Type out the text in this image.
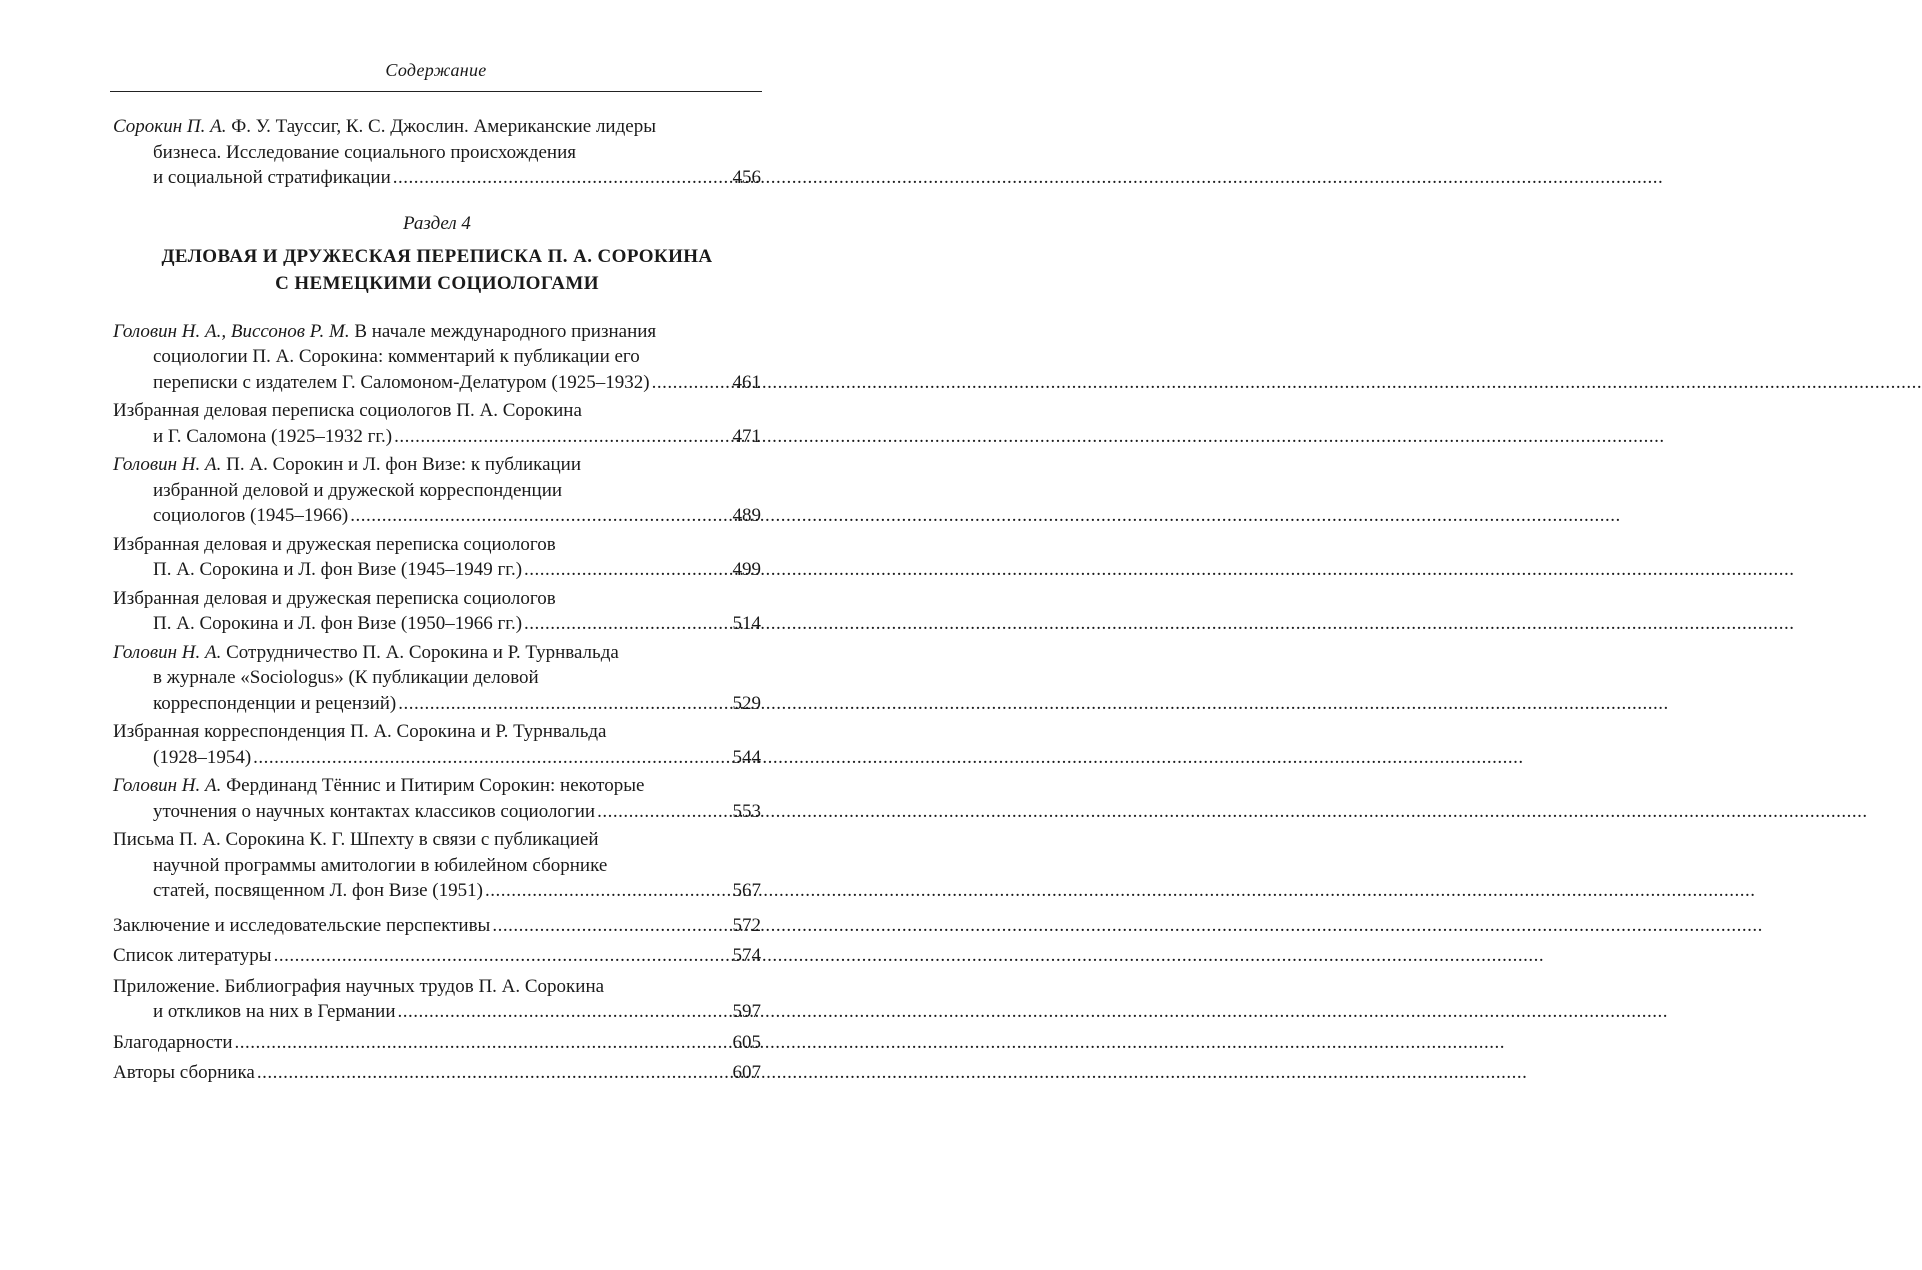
Содержание
Сорокин П. А. Ф. У. Таусcиг, К. С. Джослин. Американские лидеры
бизнеса. Исследование социального происхождения
и социальной стратификации .....	456

Раздел 4

ДЕЛОВАЯ И ДРУЖЕСКАЯ ПЕРЕПИСКА П. А. СОРОКИНА
С НЕМЕЦКИМИ СОЦИОЛОГАМИ
Головин Н. А., Виссонов Р. М. В начале международного признания
социологии П. А. Сорокина: комментарий к публикации его
переписки с издателем Г. Саломоном-Делатуром (1925–1932) .....	461
Избранная деловая переписка социологов П. А. Сорокина
и Г. Саломона (1925–1932 гг.) .....	471
Головин Н. А. П. А. Сорокин и Л. фон Визе: к публикации
избранной деловой и дружеской корреспонденции
социологов (1945–1966) .....	489
Избранная деловая и дружеская переписка социологов
П. А. Сорокина и Л. фон Визе (1945–1949 гг.) .....	499
Избранная деловая и дружеская переписка социологов
П. А. Сорокина и Л. фон Визе (1950–1966 гг.) .....	514
Головин Н. А. Сотрудничество П. А. Сорокина и Р. Турнвальда
в журнале «Sociologus» (К публикации деловой
корреспонденции и рецензий) .....	529
Избранная корреспонденция П. А. Сорокина и Р. Турнвальда
(1928–1954) .....	544
Головин Н. А. Фердинанд Тённис и Питирим Сорокин: некоторые
уточнения о научных контактах классиков социологии .....	553
Письма П. А. Сорокина К. Г. Шпехту в связи с публикацией
научной программы амитологии в юбилейном сборнике
статей, посвященном Л. фон Визе (1951) .....	567
Заключение и исследовательские перспективы .....	572
Список литературы .....	574
Приложение. Библиография научных трудов П. А. Сорокина
и откликов на них в Германии .....	597
Благодарности .....	605
Авторы сборника .....	607
